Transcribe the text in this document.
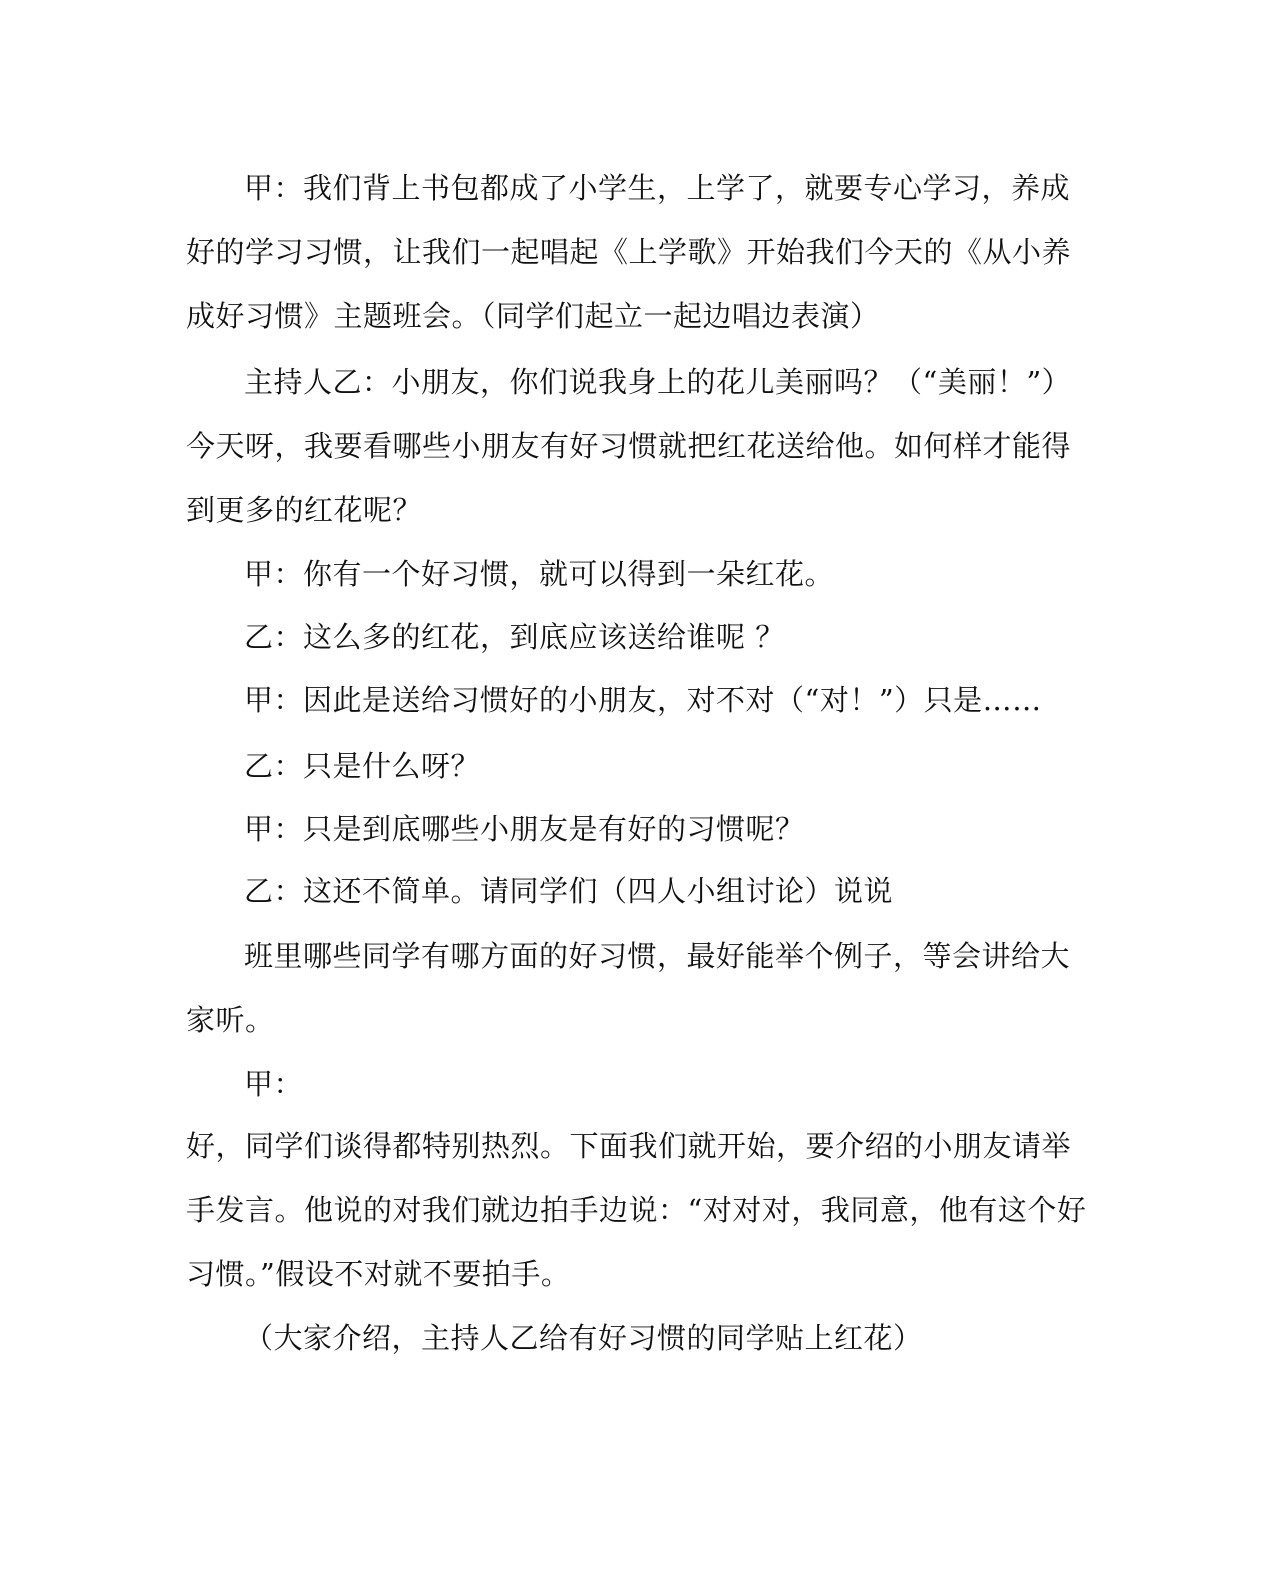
甲：我们背上书包都成了小学生，上学了，就要专心学习，养成
好的学习习惯，让我们一起唱起《上学歌》开始我们今天的《从小养
成好习惯》主题班会。（同学们起立一起边唱边表演）

主持人乙：小朋友，你们说我身上的花儿美丽吗？（“美丽！”）
今天呀，我要看哪些小朋友有好习惯就把红花送给他。如何样才能得
到更多的红花呢？

甲：你有一个好习惯，就可以得到一朵红花。

乙：这么多的红花，到底应该送给谁呢 ？

甲：因此是送给习惯好的小朋友，对不对（“对！”）只是……

乙：只是什么呀？

甲：只是到底哪些小朋友是有好的习惯呢？

乙：这还不简单。请同学们（四人小组讨论）说说

班里哪些同学有哪方面的好习惯，最好能举个例子，等会讲给大
家听。

甲：

好，同学们谈得都特别热烈。下面我们就开始，要介绍的小朋友请举
手发言。他说的对我们就边拍手边说：“对对对，我同意，他有这个好
习惯。”假设不对就不要拍手。

（大家介绍，主持人乙给有好习惯的同学贴上红花）
